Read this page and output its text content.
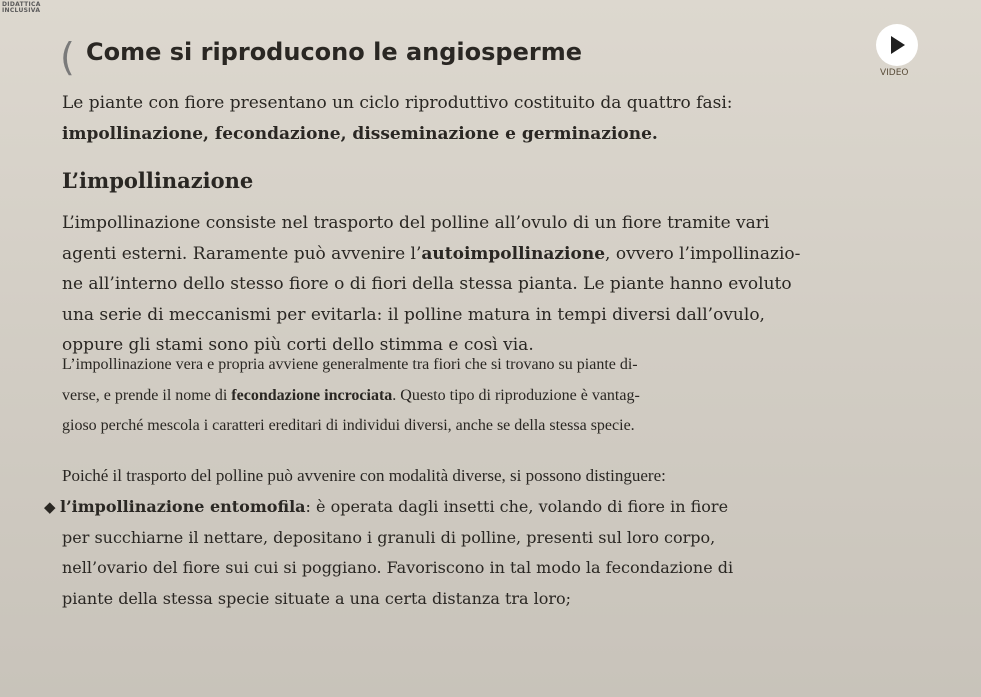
DIDATTICA
INCLUSIVA
( Come si riproducono le angiosperme
VIDEO
Le piante con fiore presentano un ciclo riproduttivo costituito da quattro fasi:
impollinazione, fecondazione, disseminazione e germinazione.
L’impollinazione
L’impollinazione consiste nel trasporto del polline all’ovulo di un fiore tramite vari
agenti esterni. Raramente può avvenire l’autoimpollinazione, ovvero l’impollinazio-
ne all’interno dello stesso fiore o di fiori della stessa pianta. Le piante hanno evoluto
una serie di meccanismi per evitarla: il polline matura in tempi diversi dall’ovulo,
oppure gli stami sono più corti dello stimma e così via.
L’impollinazione vera e propria avviene generalmente tra fiori che si trovano su piante di-
verse, e prende il nome di fecondazione incrociata. Questo tipo di riproduzione è vantag-
gioso perché mescola i caratteri ereditari di individui diversi, anche se della stessa specie.
Poiché il trasporto del polline può avvenire con modalità diverse, si possono distinguere:
◆ l’impollinazione entomofila: è operata dagli insetti che, volando di fiore in fiore
per succhiarne il nettare, depositano i granuli di polline, presenti sul loro corpo,
nell’ovario del fiore sui cui si poggiano. Favoriscono in tal modo la fecondazione di
piante della stessa specie situate a una certa distanza tra loro;
